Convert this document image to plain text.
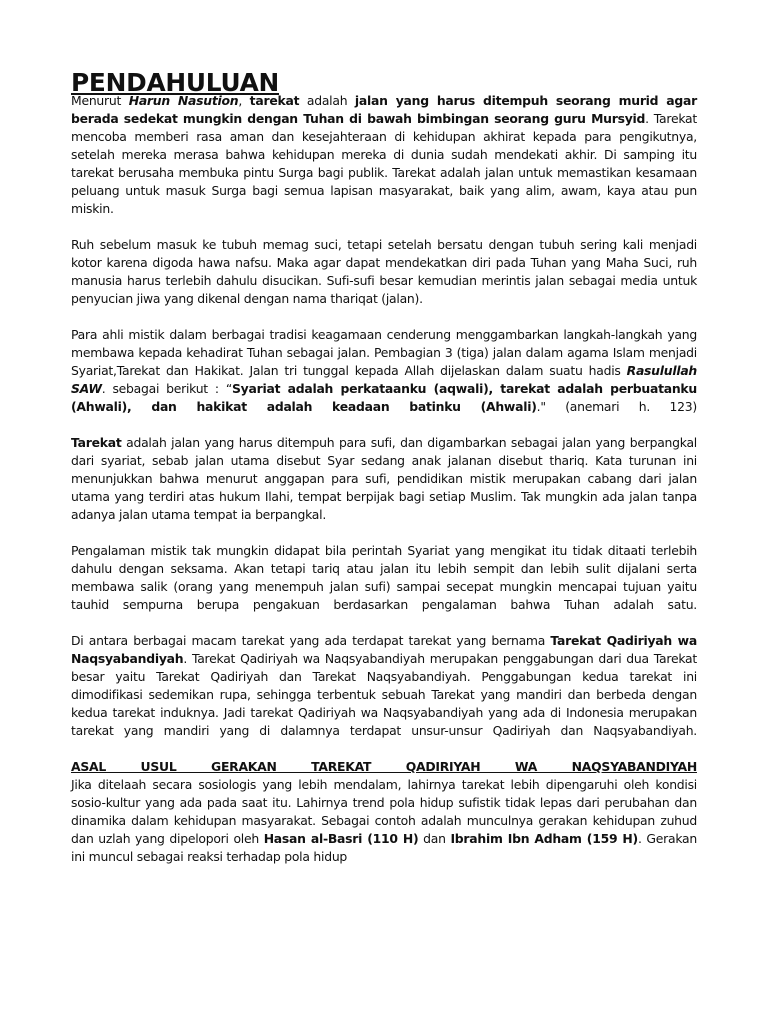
PENDAHULUAN

Menurut Harun Nasution, tarekat adalah jalan yang harus ditempuh seorang murid agar berada sedekat mungkin dengan Tuhan di bawah bimbingan seorang guru Mursyid. Tarekat mencoba memberi rasa aman dan kesejahteraan di kehidupan akhirat kepada para pengikutnya, setelah mereka merasa bahwa kehidupan mereka di dunia sudah mendekati akhir. Di samping itu tarekat berusaha membuka pintu Surga bagi publik. Tarekat adalah jalan untuk memastikan kesamaan peluang untuk masuk Surga bagi semua lapisan masyarakat, baik yang alim, awam, kaya atau pun miskin.

Ruh sebelum masuk ke tubuh memag suci, tetapi setelah bersatu dengan tubuh sering kali menjadi kotor karena digoda hawa nafsu. Maka agar dapat mendekatkan diri pada Tuhan yang Maha Suci, ruh manusia harus terlebih dahulu disucikan. Sufi-sufi besar kemudian merintis jalan sebagai media untuk penyucian jiwa yang dikenal dengan nama thariqat (jalan).

Para ahli mistik dalam berbagai tradisi keagamaan cenderung menggambarkan langkah-langkah yang membawa kepada kehadirat Tuhan sebagai jalan. Pembagian 3 (tiga) jalan dalam agama Islam menjadi Syariat,Tarekat dan Hakikat. Jalan tri tunggal kepada Allah dijelaskan dalam suatu hadis Rasulullah SAW. sebagai berikut : “Syariat adalah perkataanku (aqwali), tarekat adalah perbuatanku (Ahwali), dan hakikat adalah keadaan batinku (Ahwali)." (anemari h. 123)

Tarekat adalah jalan yang harus ditempuh para sufi, dan digambarkan sebagai jalan yang berpangkal dari syariat, sebab jalan utama disebut Syar sedang anak jalanan disebut thariq. Kata turunan ini menunjukkan bahwa menurut anggapan para sufi, pendidikan mistik merupakan cabang dari jalan utama yang terdiri atas hukum Ilahi, tempat berpijak bagi setiap Muslim. Tak mungkin ada jalan tanpa adanya jalan utama tempat ia berpangkal.

Pengalaman mistik tak mungkin didapat bila perintah Syariat yang mengikat itu tidak ditaati terlebih dahulu dengan seksama. Akan tetapi tariq atau jalan itu lebih sempit dan lebih sulit dijalani serta membawa salik (orang yang menempuh jalan sufi) sampai secepat mungkin mencapai tujuan yaitu tauhid sempurna berupa pengakuan berdasarkan pengalaman bahwa Tuhan adalah satu.

Di antara berbagai macam tarekat yang ada terdapat tarekat yang bernama Tarekat Qadiriyah wa Naqsyabandiyah. Tarekat Qadiriyah wa Naqsyabandiyah merupakan penggabungan dari dua Tarekat besar yaitu Tarekat Qadiriyah dan Tarekat Naqsyabandiyah. Penggabungan kedua tarekat ini dimodifikasi sedemikan rupa, sehingga terbentuk sebuah Tarekat yang mandiri dan berbeda dengan kedua tarekat induknya. Jadi tarekat Qadiriyah wa Naqsyabandiyah yang ada di Indonesia merupakan tarekat yang mandiri yang di dalamnya terdapat unsur-unsur Qadiriyah dan Naqsyabandiyah.

ASAL USUL GERAKAN TAREKAT QADIRIYAH WA NAQSYABANDIYAH

Jika ditelaah secara sosiologis yang lebih mendalam, lahirnya tarekat lebih dipengaruhi oleh kondisi sosio-kultur yang ada pada saat itu. Lahirnya trend pola hidup sufistik tidak lepas dari perubahan dan dinamika dalam kehidupan masyarakat. Sebagai contoh adalah munculnya gerakan kehidupan zuhud dan uzlah yang dipelopori oleh Hasan al-Basri (110 H) dan Ibrahim Ibn Adham (159 H). Gerakan ini muncul sebagai reaksi terhadap pola hidup
